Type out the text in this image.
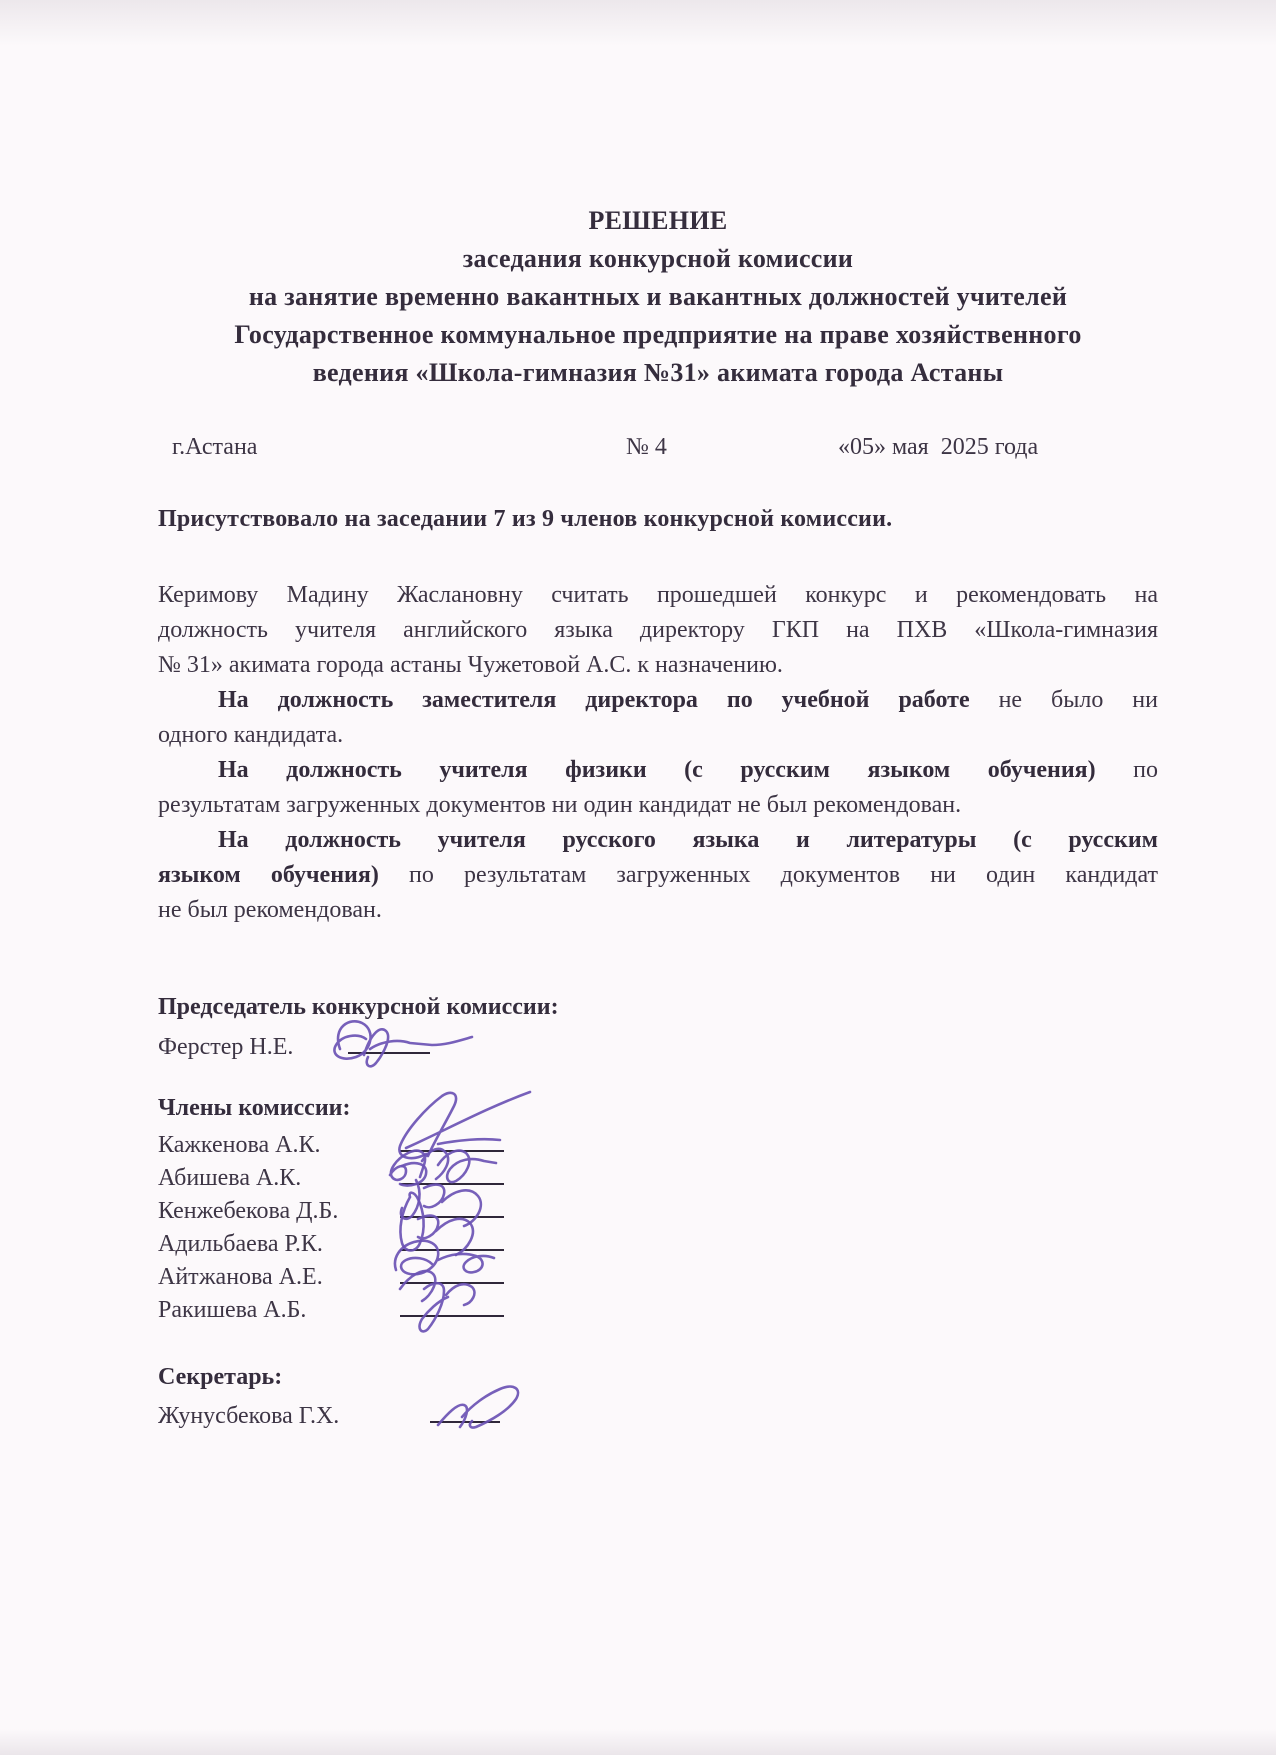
РЕШЕНИЕ
заседания конкурсной комиссии
на занятие временно вакантных и вакантных должностей учителей
Государственное коммунальное предприятие на праве хозяйственного
ведения «Школа-гимназия №31» акимата города Астаны
г.Астана	№ 4	«05» мая  2025 года
Присутствовало на заседании 7 из 9 членов конкурсной комиссии.
Керимову Мадину Жаслановну считать прошедшей конкурс и рекомендовать на
должность учителя английского языка директору ГКП на ПХВ «Школа-гимназия
№ 31» акимата города астаны Чужетовой А.С. к назначению.
На должность заместителя директора по учебной работе не было ни
одного кандидата.
На должность учителя физики (с русским языком обучения) по
результатам загруженных документов ни один кандидат не был рекомендован.
На должность учителя русского языка и литературы (с русским
языком обучения) по результатам загруженных документов ни один кандидат
не был рекомендован.
Председатель конкурсной комиссии:
Ферстер Н.Е.
Члены комиссии:
Кажкенова А.К.
Абишева А.К.
Кенжебекова Д.Б.
Адильбаева Р.К.
Айтжанова А.Е.
Ракишева А.Б.
Секретарь:
Жунусбекова Г.Х.
